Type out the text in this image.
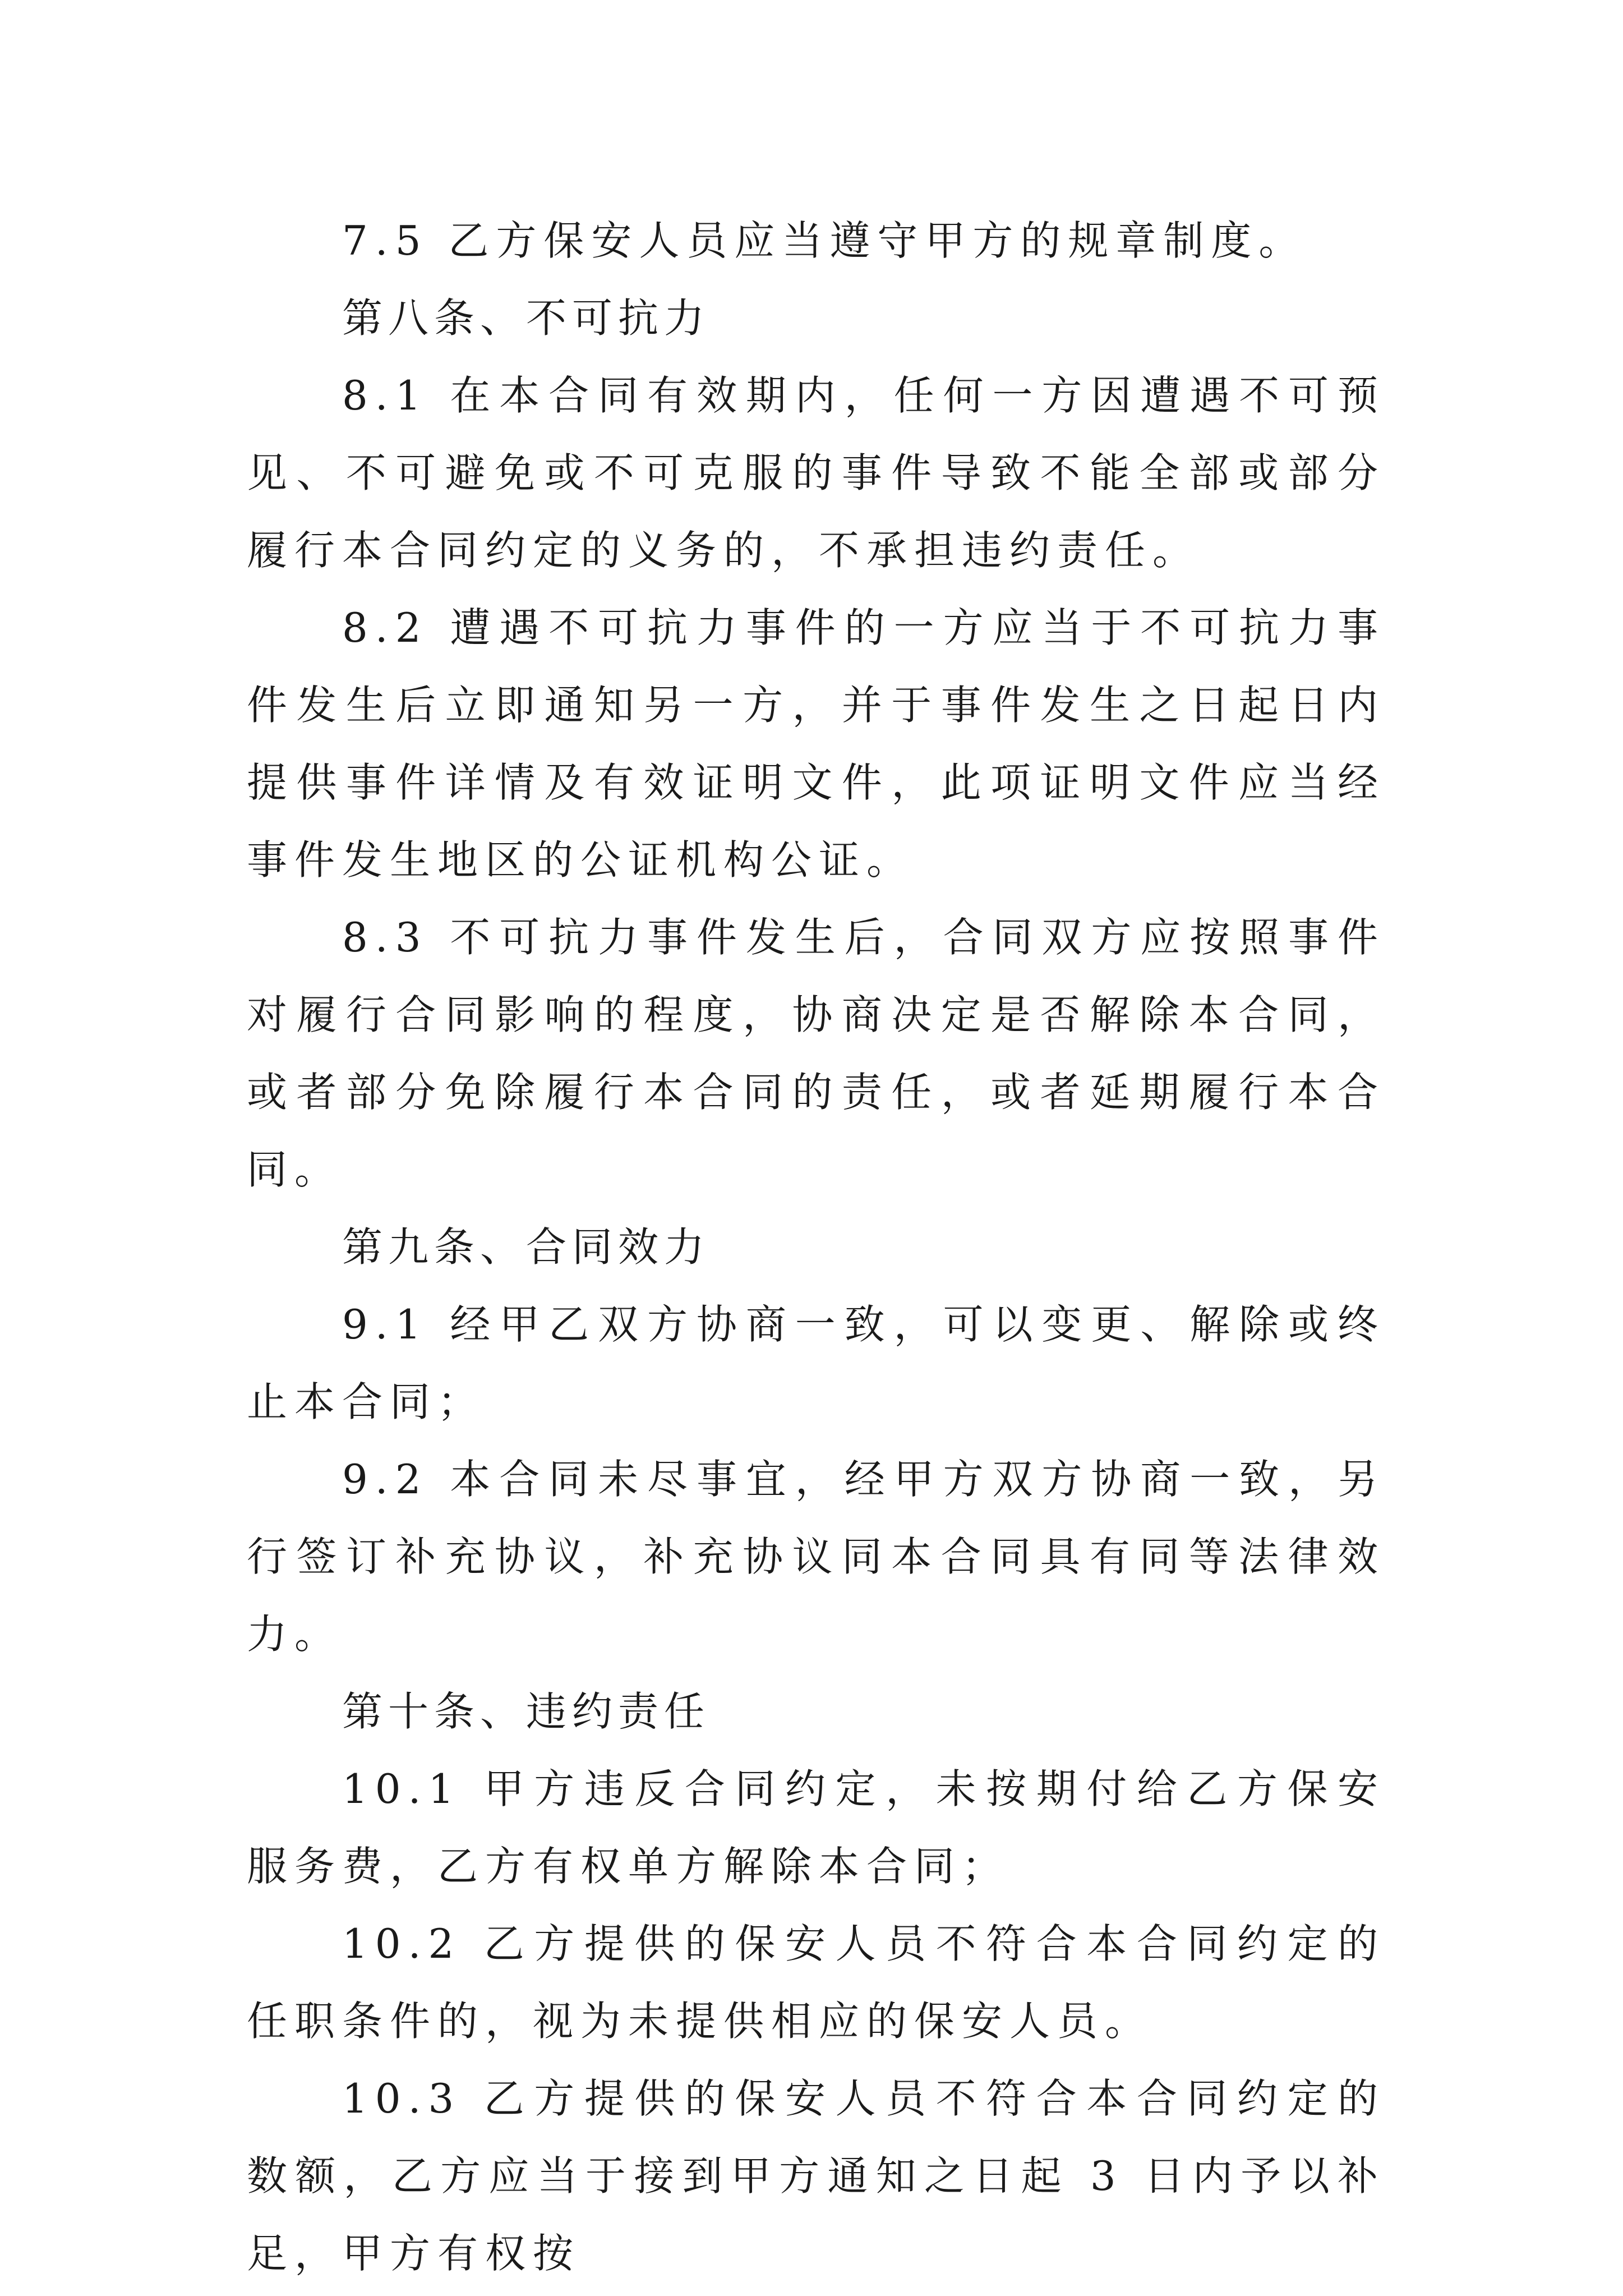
7.5 乙方保安人员应当遵守甲方的规章制度。

第八条、不可抗力

8.1 在本合同有效期内，任何一方因遭遇不可预见、不可避免或不可克服的事件导致不能全部或部分履行本合同约定的义务的，不承担违约责任。

8.2 遭遇不可抗力事件的一方应当于不可抗力事件发生后立即通知另一方，并于事件发生之日起日内提供事件详情及有效证明文件，此项证明文件应当经事件发生地区的公证机构公证。

8.3 不可抗力事件发生后，合同双方应按照事件对履行合同影响的程度，协商决定是否解除本合同，或者部分免除履行本合同的责任，或者延期履行本合同。

第九条、合同效力

9.1 经甲乙双方协商一致，可以变更、解除或终止本合同；

9.2 本合同未尽事宜，经甲方双方协商一致，另行签订补充协议，补充协议同本合同具有同等法律效力。

第十条、违约责任

10.1 甲方违反合同约定，未按期付给乙方保安服务费，乙方有权单方解除本合同；

10.2 乙方提供的保安人员不符合本合同约定的任职条件的，视为未提供相应的保安人员。

10.3 乙方提供的保安人员不符合本合同约定的数额，乙方应当于接到甲方通知之日起 3 日内予以补足，甲方有权按
